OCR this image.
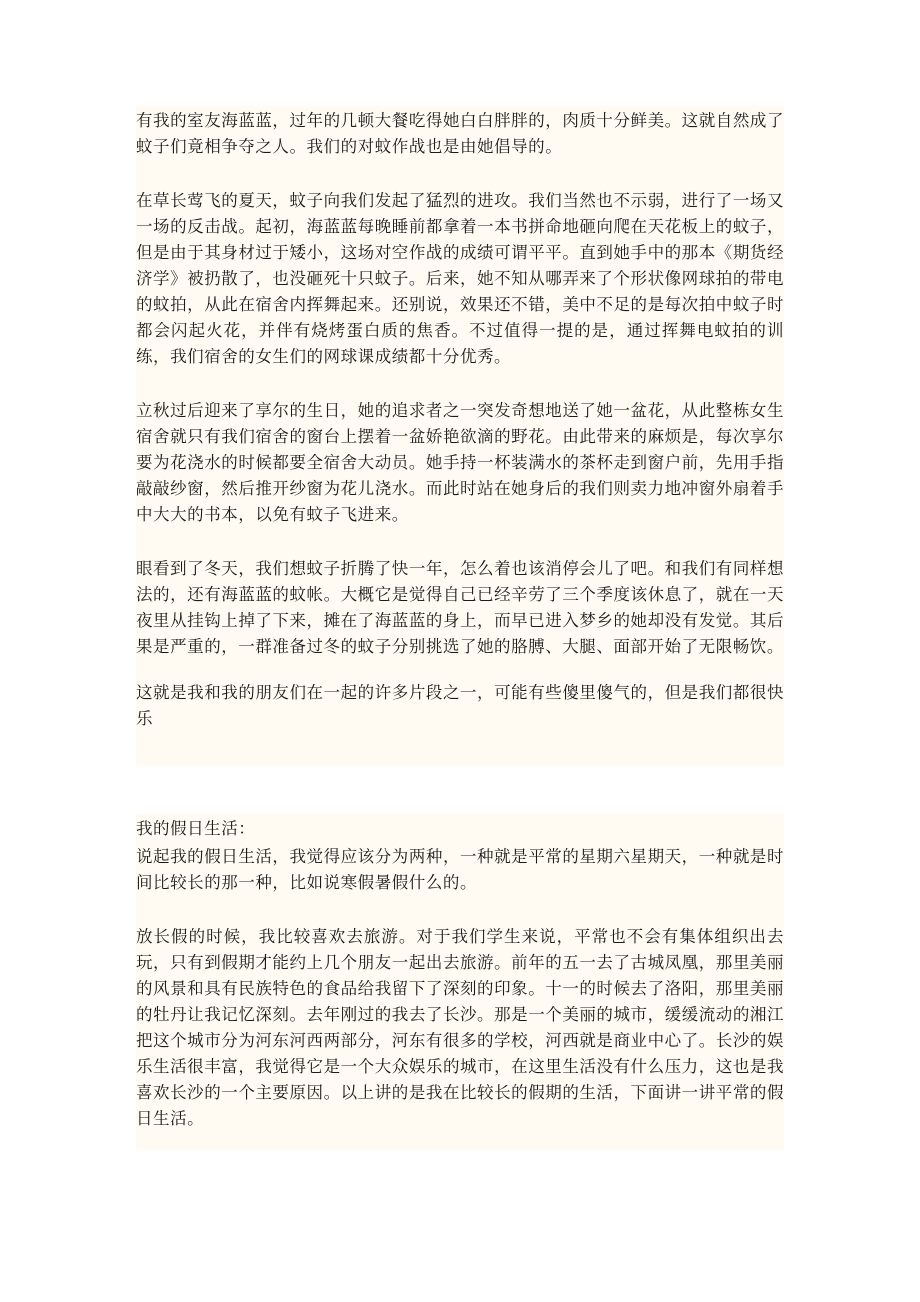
有我的室友海蓝蓝，过年的几顿大餐吃得她白白胖胖的，肉质十分鲜美。这就自然成了蚊子们竟相争夺之人。我们的对蚊作战也是由她倡导的。

在草长莺飞的夏天，蚊子向我们发起了猛烈的进攻。我们当然也不示弱，进行了一场又一场的反击战。起初，海蓝蓝每晚睡前都拿着一本书拼命地砸向爬在天花板上的蚊子，但是由于其身材过于矮小，这场对空作战的成绩可谓平平。直到她手中的那本《期货经济学》被扔散了，也没砸死十只蚊子。后来，她不知从哪弄来了个形状像网球拍的带电的蚊拍，从此在宿舍内挥舞起来。还别说，效果还不错，美中不足的是每次拍中蚊子时都会闪起火花，并伴有烧烤蛋白质的焦香。不过值得一提的是，通过挥舞电蚊拍的训练，我们宿舍的女生们的网球课成绩都十分优秀。

立秋过后迎来了享尔的生日，她的追求者之一突发奇想地送了她一盆花，从此整栋女生宿舍就只有我们宿舍的窗台上摆着一盆娇艳欲滴的野花。由此带来的麻烦是，每次享尔要为花浇水的时候都要全宿舍大动员。她手持一杯装满水的茶杯走到窗户前，先用手指敲敲纱窗，然后推开纱窗为花儿浇水。而此时站在她身后的我们则卖力地冲窗外扇着手中大大的书本，以免有蚊子飞进来。

眼看到了冬天，我们想蚊子折腾了快一年，怎么着也该消停会儿了吧。和我们有同样想法的，还有海蓝蓝的蚊帐。大概它是觉得自己已经辛劳了三个季度该休息了，就在一天夜里从挂钩上掉了下来，摊在了海蓝蓝的身上，而早已进入梦乡的她却没有发觉。其后果是严重的，一群准备过冬的蚊子分别挑选了她的胳膊、大腿、面部开始了无限畅饮。

这就是我和我的朋友们在一起的许多片段之一，可能有些傻里傻气的，但是我们都很快乐

我的假日生活：

说起我的假日生活，我觉得应该分为两种，一种就是平常的星期六星期天，一种就是时间比较长的那一种，比如说寒假暑假什么的。

放长假的时候，我比较喜欢去旅游。对于我们学生来说，平常也不会有集体组织出去玩，只有到假期才能约上几个朋友一起出去旅游。前年的五一去了古城凤凰，那里美丽的风景和具有民族特色的食品给我留下了深刻的印象。十一的时候去了洛阳，那里美丽的牡丹让我记忆深刻。去年刚过的我去了长沙。那是一个美丽的城市，缓缓流动的湘江把这个城市分为河东河西两部分，河东有很多的学校，河西就是商业中心了。长沙的娱乐生活很丰富，我觉得它是一个大众娱乐的城市，在这里生活没有什么压力，这也是我喜欢长沙的一个主要原因。以上讲的是我在比较长的假期的生活，下面讲一讲平常的假日生活。
